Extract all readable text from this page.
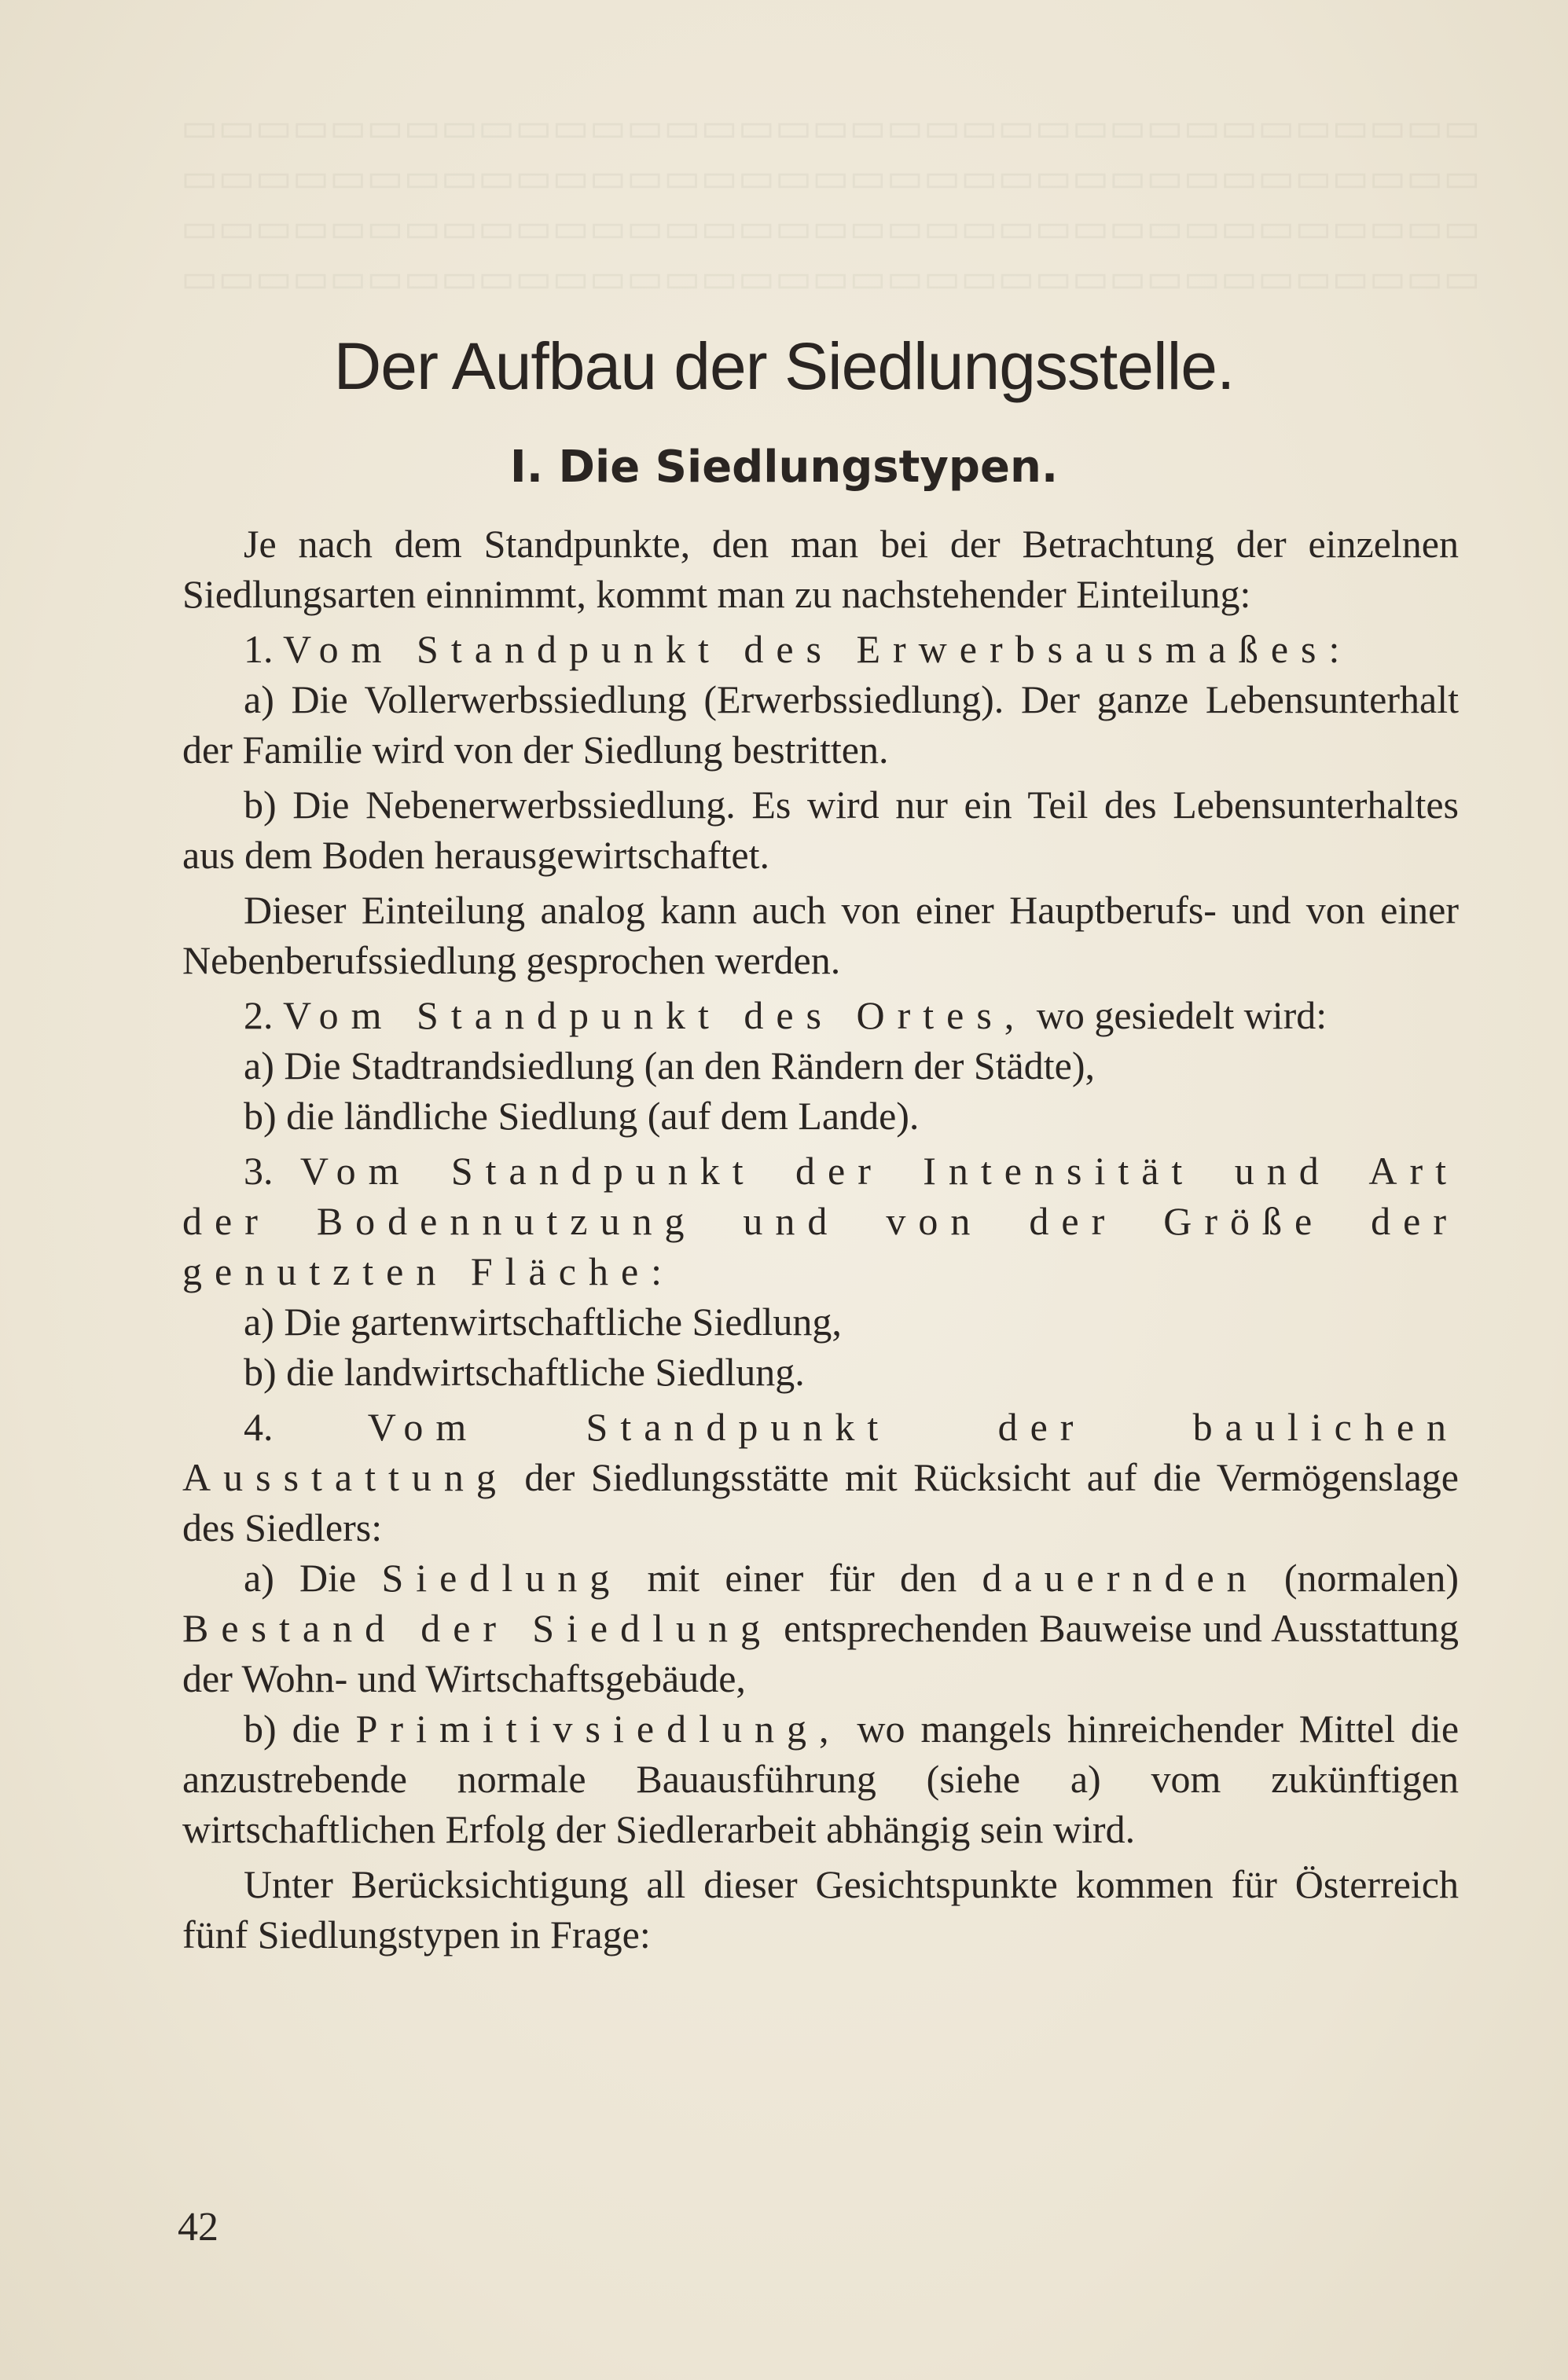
▭▭▭▭▭▭▭▭▭▭▭▭▭▭▭▭▭▭▭▭▭▭▭▭▭▭▭▭▭▭▭▭▭▭▭
▭▭▭▭▭▭▭▭▭▭▭▭▭▭▭▭▭▭▭▭▭▭▭▭▭▭▭▭▭▭▭▭▭▭▭
▭▭▭▭▭▭▭▭▭▭▭▭▭▭▭▭▭▭▭▭▭▭▭▭▭▭▭▭▭▭▭▭▭▭▭
▭▭▭▭▭▭▭▭▭▭▭▭▭▭▭▭▭▭▭▭▭▭▭▭▭▭▭▭▭▭▭▭▭▭▭
Der Aufbau der Siedlungsstelle.
I. Die Siedlungstypen.

Je nach dem Standpunkte, den man bei der Betrachtung der einzelnen Siedlungsarten einnimmt, kommt man zu nachstehender Einteilung:

1. Vom Standpunkt des Erwerbsausmaßes:

a) Die Vollerwerbssiedlung (Erwerbssiedlung). Der ganze Lebensunterhalt der Familie wird von der Siedlung bestritten.

b) Die Nebenerwerbssiedlung. Es wird nur ein Teil des Lebensunterhaltes aus dem Boden herausgewirtschaftet.

Dieser Einteilung analog kann auch von einer Hauptberufs- und von einer Nebenberufssiedlung gesprochen werden.

2. Vom Standpunkt des Ortes, wo gesiedelt wird:

a) Die Stadtrandsiedlung (an den Rändern der Städte),

b) die ländliche Siedlung (auf dem Lande).

3. Vom Standpunkt der Intensität und Art der Bodennutzung und von der Größe der genutzten Fläche:

a) Die gartenwirtschaftliche Siedlung,

b) die landwirtschaftliche Siedlung.

4. Vom Standpunkt der baulichen Ausstattung der Siedlungsstätte mit Rücksicht auf die Vermögenslage des Siedlers:

a) Die Siedlung mit einer für den dauernden (normalen) Bestand der Siedlung entsprechenden Bauweise und Ausstattung der Wohn- und Wirtschaftsgebäude,

b) die Primitivsiedlung, wo mangels hinreichender Mittel die anzustrebende normale Bauausführung (siehe a) vom zukünftigen wirtschaftlichen Erfolg der Siedlerarbeit abhängig sein wird.

Unter Berücksichtigung all dieser Gesichtspunkte kommen für Österreich fünf Siedlungstypen in Frage:

42
